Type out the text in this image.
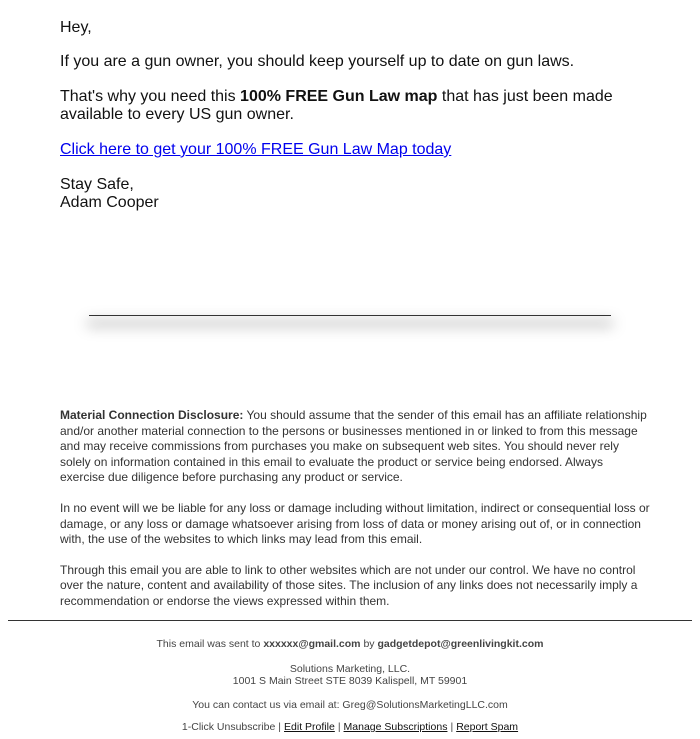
Hey,

If you are a gun owner, you should keep yourself up to date on gun laws.

That's why you need this 100% FREE Gun Law map that has just been made available to every US gun owner.

Click here to get your 100% FREE Gun Law Map today

Stay Safe,
Adam Cooper

Material Connection Disclosure: You should assume that the sender of this email has an affiliate relationship and/or another material connection to the persons or businesses mentioned in or linked to from this message and may receive commissions from purchases you make on subsequent web sites. You should never rely solely on information contained in this email to evaluate the product or service being endorsed. Always exercise due diligence before purchasing any product or service.

In no event will we be liable for any loss or damage including without limitation, indirect or consequential loss or damage, or any loss or damage whatsoever arising from loss of data or money arising out of, or in connection with, the use of the websites to which links may lead from this email.

Through this email you are able to link to other websites which are not under our control. We have no control over the nature, content and availability of those sites. The inclusion of any links does not necessarily imply a recommendation or endorse the views expressed within them.

This email was sent to xxxxxx@gmail.com by gadgetdepot@greenlivingkit.com

Solutions Marketing, LLC.
1001 S Main Street STE 8039 Kalispell, MT 59901

You can contact us via email at: Greg@SolutionsMarketingLLC.com

1-Click Unsubscribe | Edit Profile | Manage Subscriptions | Report Spam
